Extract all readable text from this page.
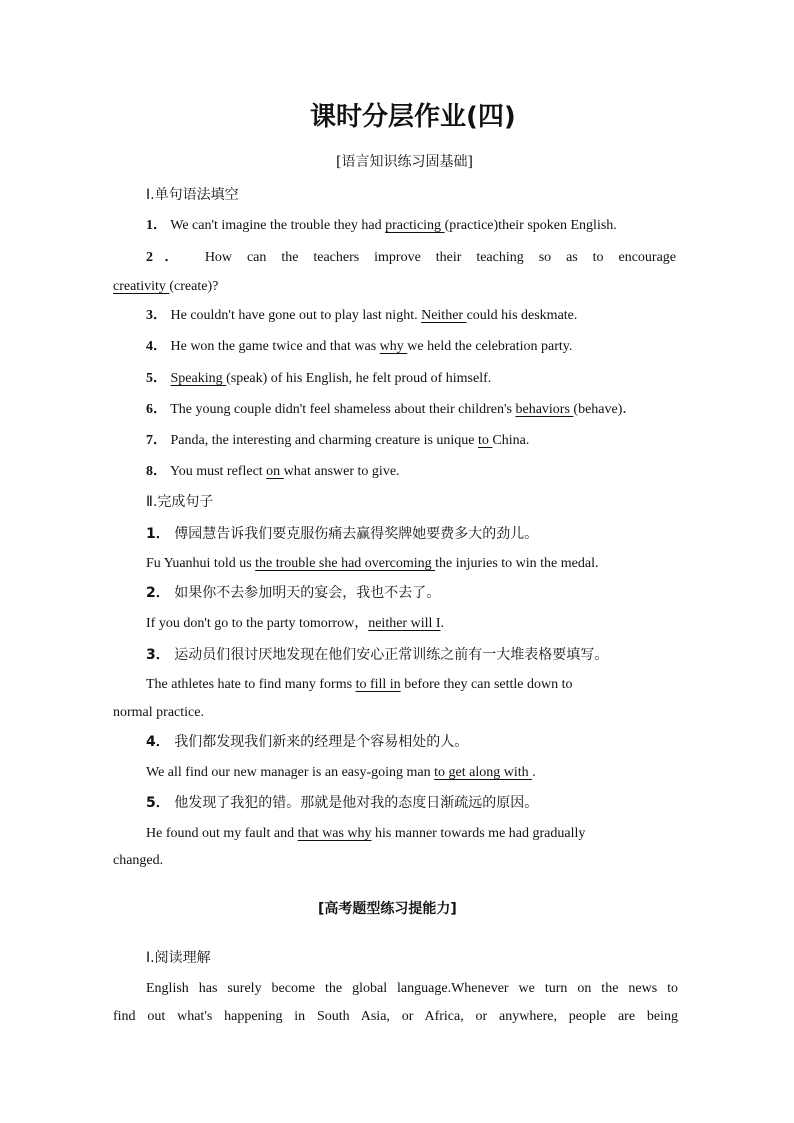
课时分层作业(四)
[语言知识练习固基础]
Ⅰ.单句语法填空
1． We can't imagine the trouble they had practicing (practice)their spoken English.
2． How can the teachers improve their teaching so as to encourage
creativity (create)?
3． He couldn't have gone out to play last night. Neither could his deskmate.
4． He won the game twice and that was why we held the celebration party.
5． Speaking (speak) of his English, he felt proud of himself.
6． The young couple didn't feel shameless about their children's behaviors (behave)．
7． Panda, the interesting and charming creature is unique to China.
8． You must reflect on what answer to give.
Ⅱ.完成句子
1． 傅园慧告诉我们要克服伤痛去赢得奖牌她要费多大的劲儿。
Fu Yuanhui told us the trouble she had overcoming the injuries to win the medal.
2． 如果你不去参加明天的宴会，我也不去了。
If you don't go to the party tomorrow，neither will I.
3． 运动员们很讨厌地发现在他们安心正常训练之前有一大堆表格要填写。
The athletes hate to find many forms to fill in before they can settle down to
normal practice.
4． 我们都发现我们新来的经理是个容易相处的人。
We all find our new manager is an easy-going man to get along with .
5． 他发现了我犯的错。那就是他对我的态度日渐疏远的原因。
He found out my fault and that was why his manner towards me had gradually
changed.
[高考题型练习提能力]
Ⅰ.阅读理解
English has surely become the global language.Whenever we turn on the news to
find out what's happening in South Asia, or Africa, or anywhere, people are being
